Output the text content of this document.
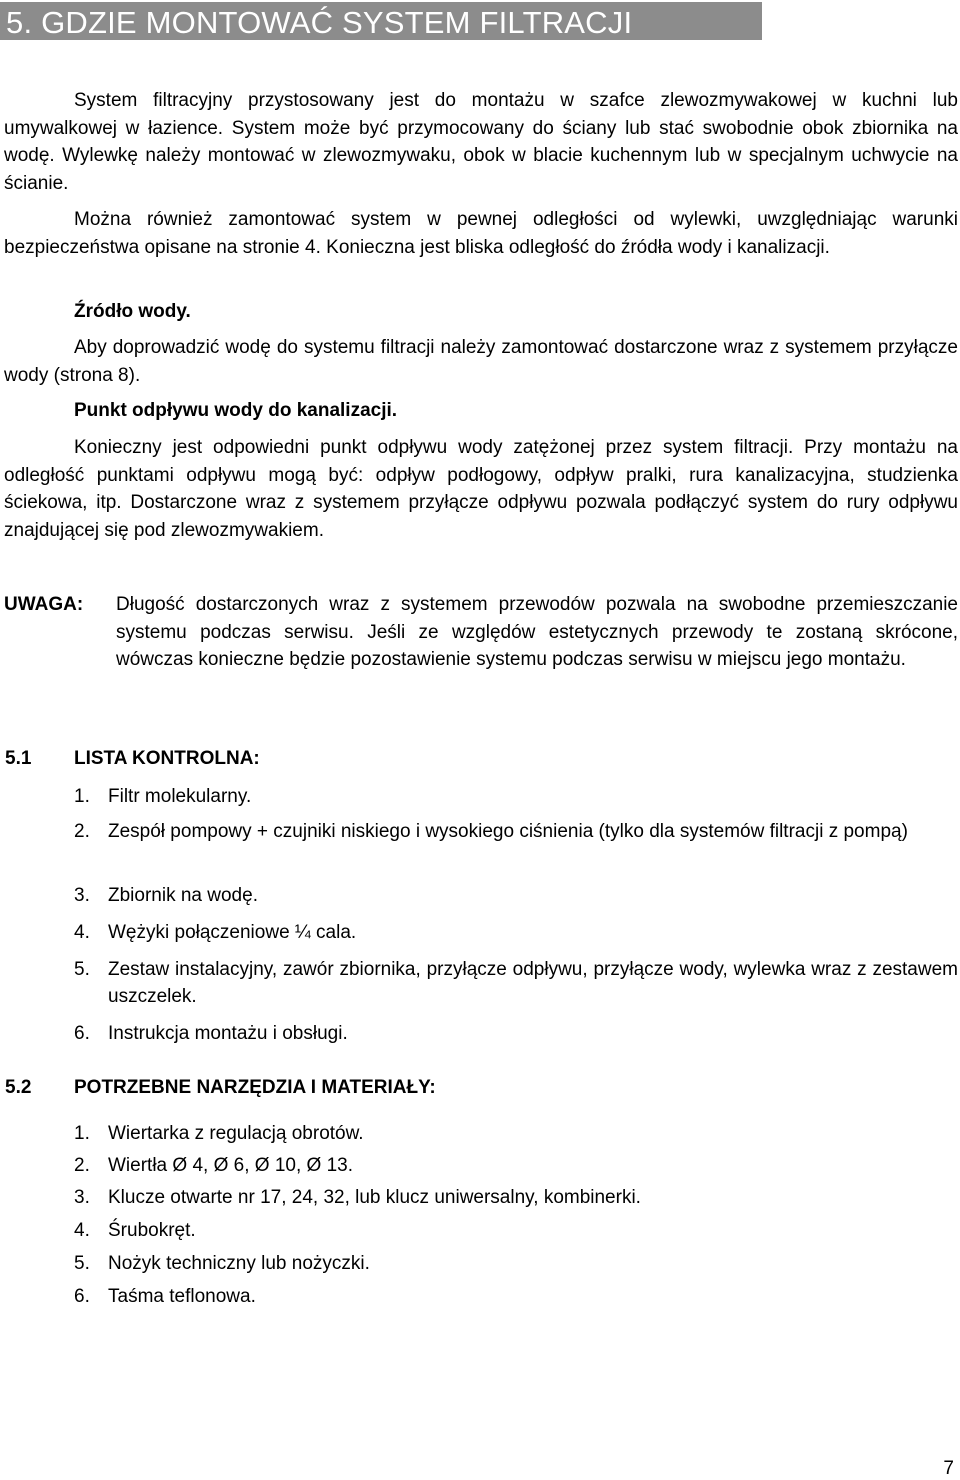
5. GDZIE MONTOWAĆ SYSTEM FILTRACJI

System filtracyjny przystosowany jest do montażu w szafce zlewozmywakowej w kuchni lub umywalkowej w łazience. System może być przymocowany do ściany lub stać swobodnie obok zbiornika na wodę. Wylewkę należy montować w zlewozmywaku, obok w blacie kuchennym lub w specjalnym uchwycie na ścianie.

Można również zamontować system w pewnej odległości od wylewki, uwzględniając warunki bezpieczeństwa opisane na stronie 4. Konieczna jest bliska odległość do źródła wody i kanalizacji.

Źródło wody.

Aby doprowadzić wodę do systemu filtracji należy zamontować dostarczone wraz z systemem przyłącze wody (strona 8).

Punkt odpływu wody do kanalizacji.

Konieczny jest odpowiedni punkt odpływu wody zatężonej przez system filtracji. Przy montażu na odległość punktami odpływu mogą być: odpływ podłogowy, odpływ pralki, rura kanalizacyjna, studzienka ściekowa, itp. Dostarczone wraz z systemem przyłącze odpływu pozwala podłączyć system do rury odpływu znajdującej się pod zlewozmywakiem.

UWAGA: Długość dostarczonych wraz z systemem przewodów pozwala na swobodne przemieszczanie systemu podczas serwisu. Jeśli ze względów estetycznych przewody te zostaną skrócone, wówczas konieczne będzie pozostawienie systemu podczas serwisu w miejscu jego montażu.

5.1 LISTA KONTROLNA:
1. Filtr molekularny.

2. Zespół pompowy + czujniki niskiego i wysokiego ciśnienia (tylko dla systemów filtracji z pompą)

3. Zbiornik na wodę.

4. Wężyki połączeniowe ¼ cala.

5. Zestaw instalacyjny, zawór zbiornika, przyłącze odpływu, przyłącze wody, wylewka wraz z zestawem uszczelek.

6. Instrukcja montażu i obsługi.

5.2 POTRZEBNE NARZĘDZIA I MATERIAŁY:
1. Wiertarka z regulacją obrotów.

2. Wiertła Ø 4, Ø 6, Ø 10, Ø 13.

3. Klucze otwarte nr 17, 24, 32, lub klucz uniwersalny, kombinerki.

4. Śrubokręt.

5. Nożyk techniczny lub nożyczki.

6. Taśma teflonowa.

7
